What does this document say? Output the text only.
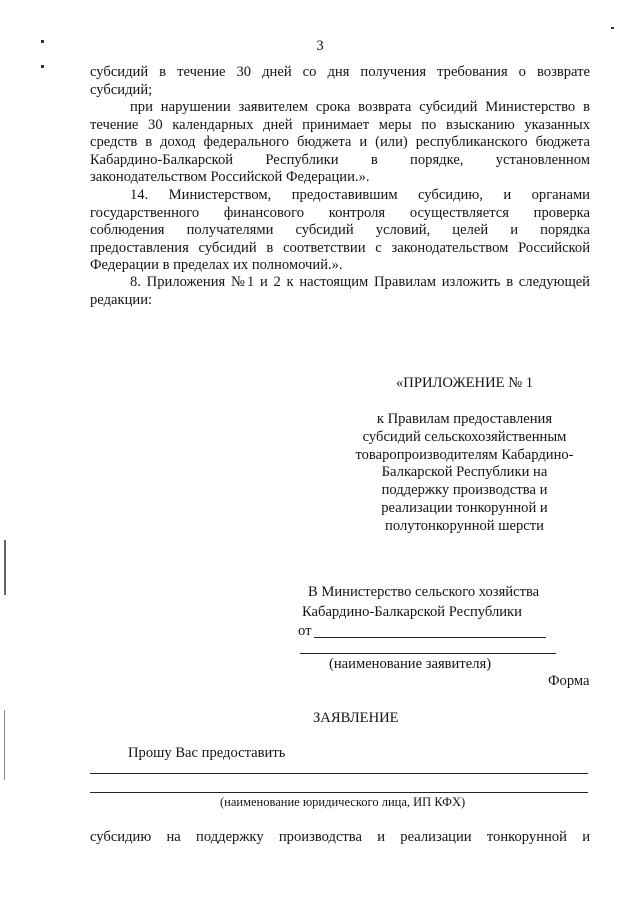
3
субсидий в течение 30 дней со дня получения требования о возврате
субсидий;
при нарушении заявителем срока возврата субсидий Министерство в
течение 30 календарных дней принимает меры по взысканию указанных
средств в доход федерального бюджета и (или) республиканского бюджета
Кабардино-Балкарской Республики в порядке, установленном
законодательством Российской Федерации.».
14. Министерством, предоставившим субсидию, и органами
государственного финансового контроля осуществляется проверка
соблюдения получателями субсидий условий, целей и порядка
предоставления субсидий в соответствии с законодательством Российской
Федерации в пределах их полномочий.».
8. Приложения №1 и 2 к настоящим Правилам изложить в следующей
редакции:
«ПРИЛОЖЕНИЕ № 1
к Правилам предоставления
субсидий сельскохозяйственным
товаропроизводителям Кабардино-
Балкарской Республики на
поддержку производства и
реализации тонкорунной и
полутонкорунной шерсти
В Министерство сельского хозяйства
Кабардино-Балкарской Республики
от
(наименование заявителя)
Форма
ЗАЯВЛЕНИЕ
Прошу Вас предоставить
(наименование юридического лица, ИП КФХ)
субсидию на поддержку производства и реализации тонкорунной и
